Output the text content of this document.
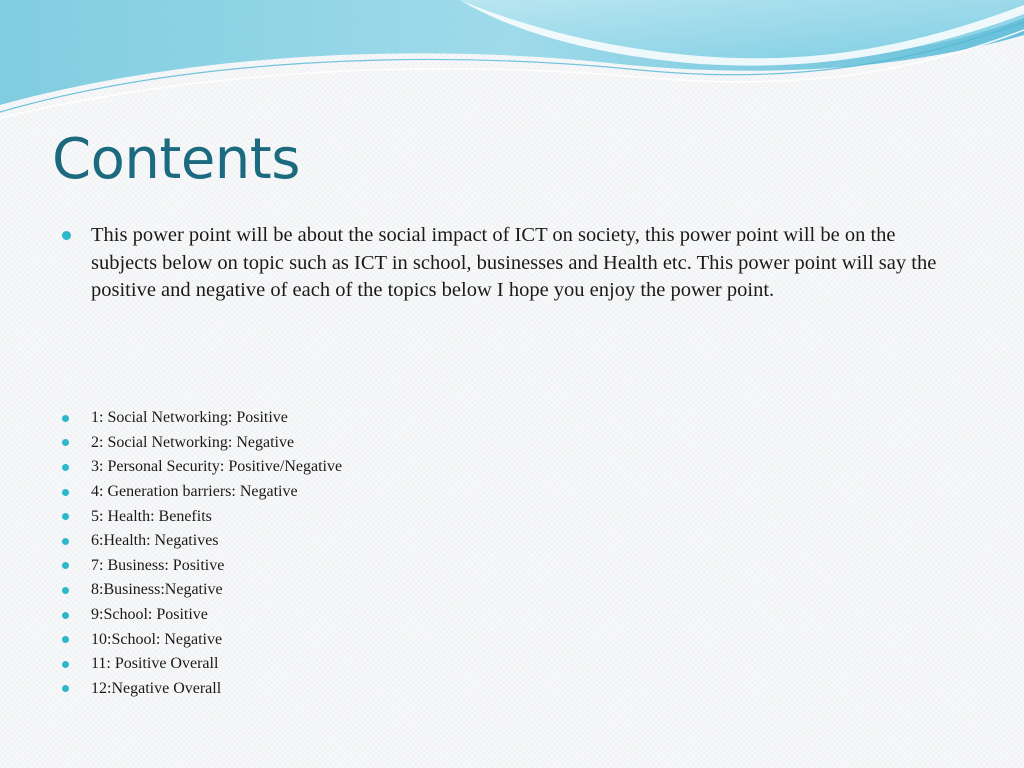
Contents

This power point will be about the social impact of ICT on society, this power point will be on the subjects below on topic such as ICT in school, businesses and Health etc. This power point will say the positive and negative of each of the topics below I hope you enjoy the power point.

1: Social Networking: Positive
2: Social Networking: Negative
3: Personal Security: Positive/Negative
4: Generation barriers: Negative
5: Health: Benefits
6:Health: Negatives
7: Business: Positive
8:Business:Negative
9:School: Positive
10:School: Negative
11: Positive Overall
12:Negative Overall
